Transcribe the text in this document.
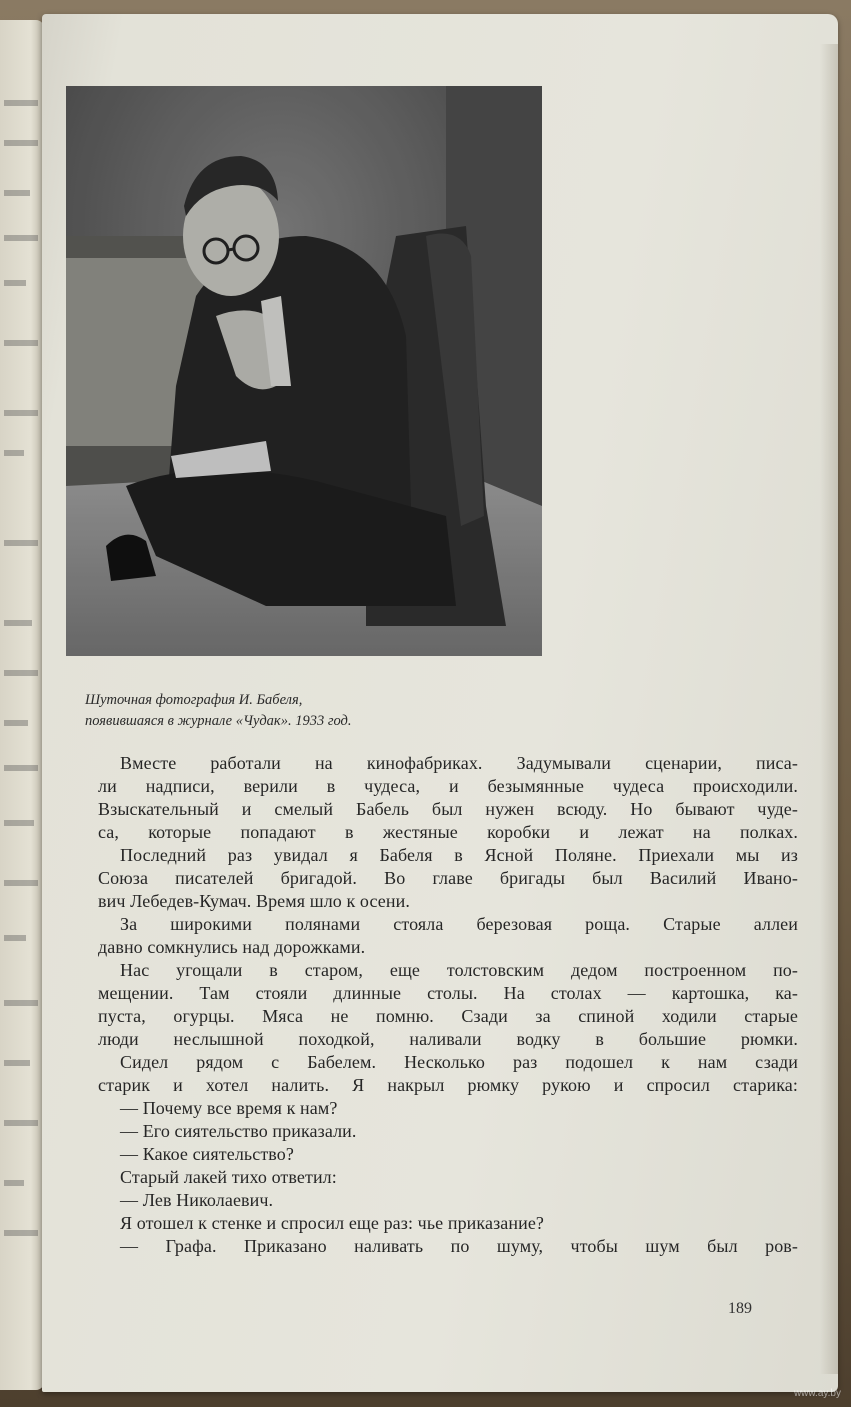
Шуточная фотография И. Бабеля,
появившаяся в журнале «Чудак». 1933 год.
Вместе работали на кинофабриках. Задумывали сценарии, писа-
ли надписи, верили в чудеса, и безымянные чудеса происходили.
Взыскательный и смелый Бабель был нужен всюду. Но бывают чуде-
са, которые попадают в жестяные коробки и лежат на полках.
Последний раз увидал я Бабеля в Ясной Поляне. Приехали мы из
Союза писателей бригадой. Во главе бригады был Василий Ивано-
вич Лебедев-Кумач. Время шло к осени.
За широкими полянами стояла березовая роща. Старые аллеи
давно сомкнулись над дорожками.
Нас угощали в старом, еще толстовским дедом построенном по-
мещении. Там стояли длинные столы. На столах — картошка, ка-
пуста, огурцы. Мяса не помню. Сзади за спиной ходили старые
люди неслышной походкой, наливали водку в большие рюмки.
Сидел рядом с Бабелем. Несколько раз подошел к нам сзади
старик и хотел налить. Я накрыл рюмку рукою и спросил старика:
— Почему все время к нам?
— Его сиятельство приказали.
— Какое сиятельство?
Старый лакей тихо ответил:
— Лев Николаевич.
Я отошел к стенке и спросил еще раз: чье приказание?
— Графа. Приказано наливать по шуму, чтобы шум был ров-
189
www.ay.by
